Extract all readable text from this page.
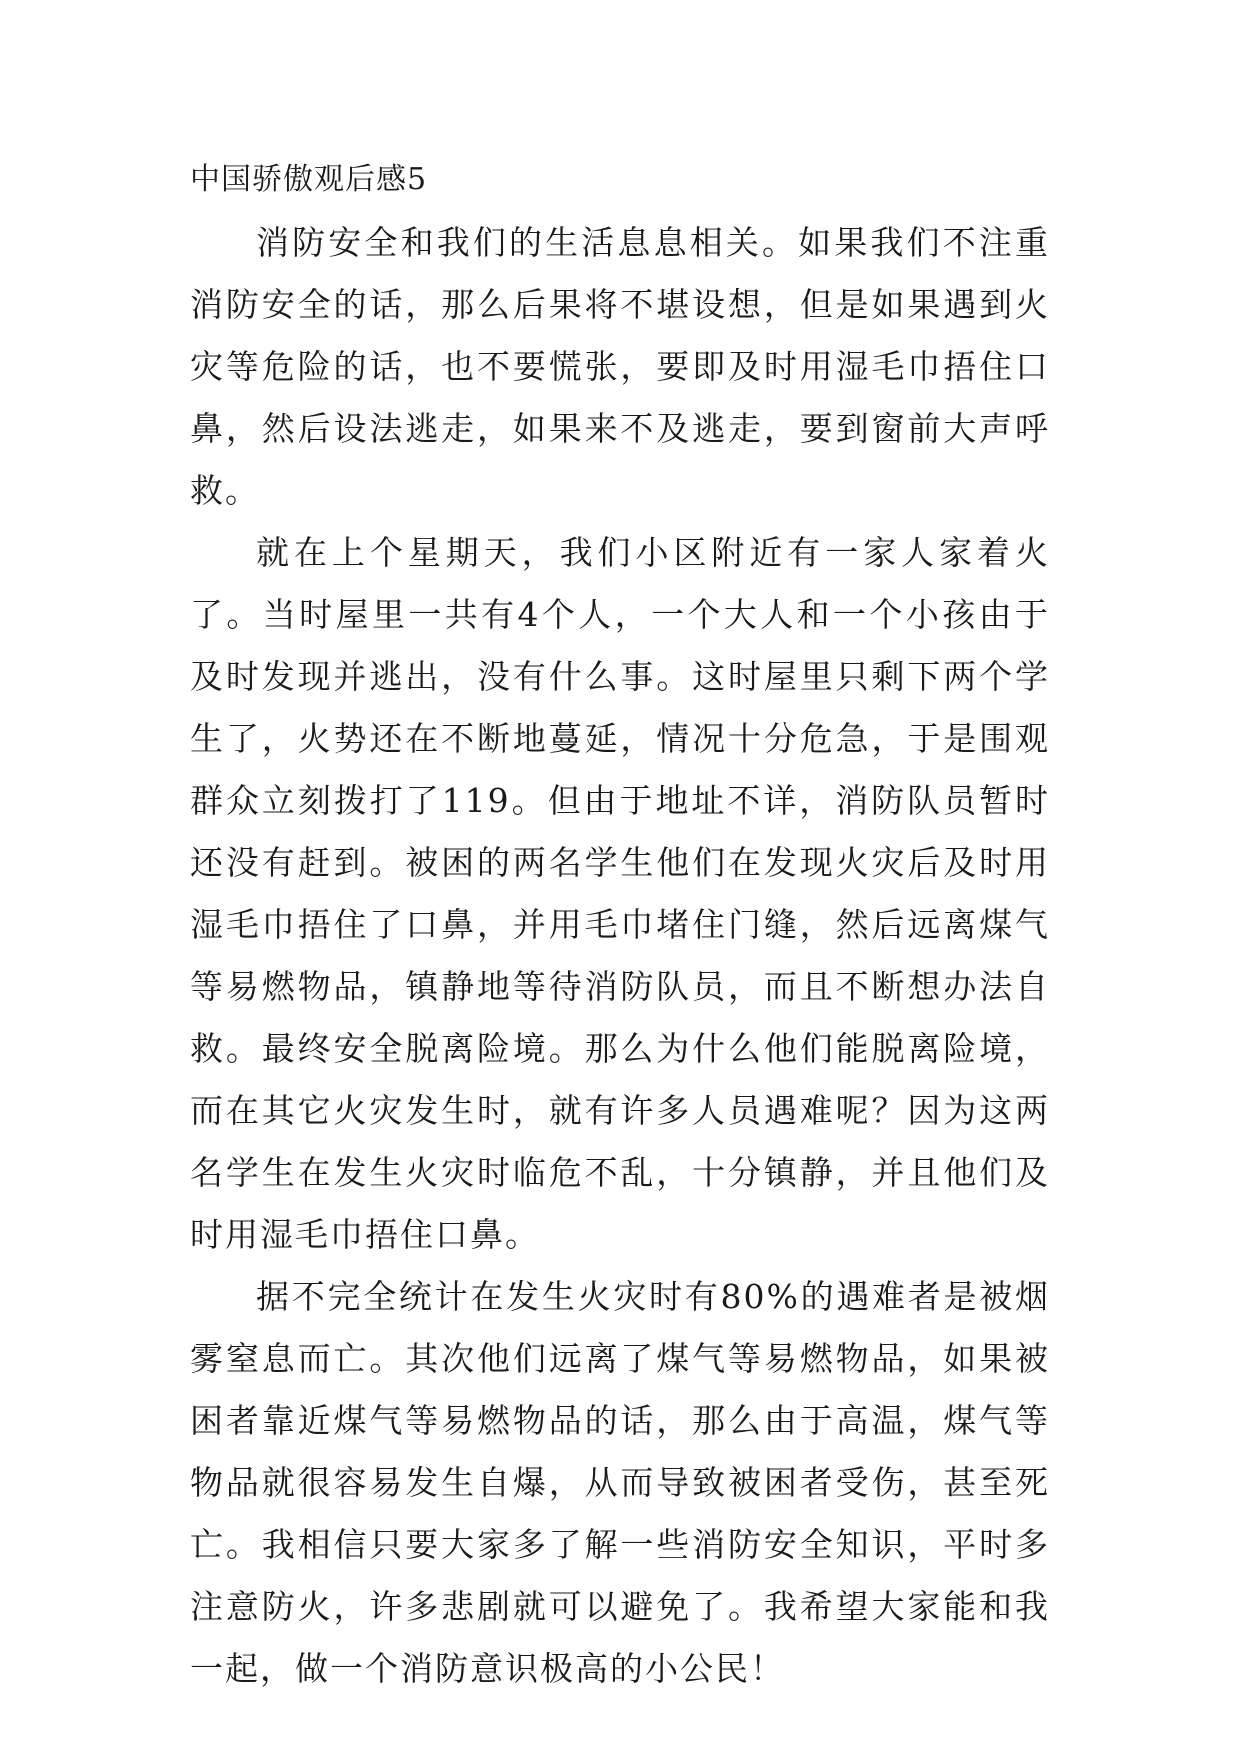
中国骄傲观后感5

消防安全和我们的生活息息相关。如果我们不注重消防安全的话，那么后果将不堪设想，但是如果遇到火灾等危险的话，也不要慌张，要即及时用湿毛巾捂住口鼻，然后设法逃走，如果来不及逃走，要到窗前大声呼救。

就在上个星期天，我们小区附近有一家人家着火了。当时屋里一共有4个人，一个大人和一个小孩由于及时发现并逃出，没有什么事。这时屋里只剩下两个学生了，火势还在不断地蔓延，情况十分危急，于是围观群众立刻拨打了119。但由于地址不详，消防队员暂时还没有赶到。被困的两名学生他们在发现火灾后及时用湿毛巾捂住了口鼻，并用毛巾堵住门缝，然后远离煤气等易燃物品，镇静地等待消防队员，而且不断想办法自救。最终安全脱离险境。那么为什么他们能脱离险境，而在其它火灾发生时，就有许多人员遇难呢？因为这两名学生在发生火灾时临危不乱，十分镇静，并且他们及时用湿毛巾捂住口鼻。

据不完全统计在发生火灾时有80%的遇难者是被烟雾窒息而亡。其次他们远离了煤气等易燃物品，如果被困者靠近煤气等易燃物品的话，那么由于高温，煤气等物品就很容易发生自爆，从而导致被困者受伤，甚至死亡。我相信只要大家多了解一些消防安全知识，平时多注意防火，许多悲剧就可以避免了。我希望大家能和我一起，做一个消防意识极高的小公民！
